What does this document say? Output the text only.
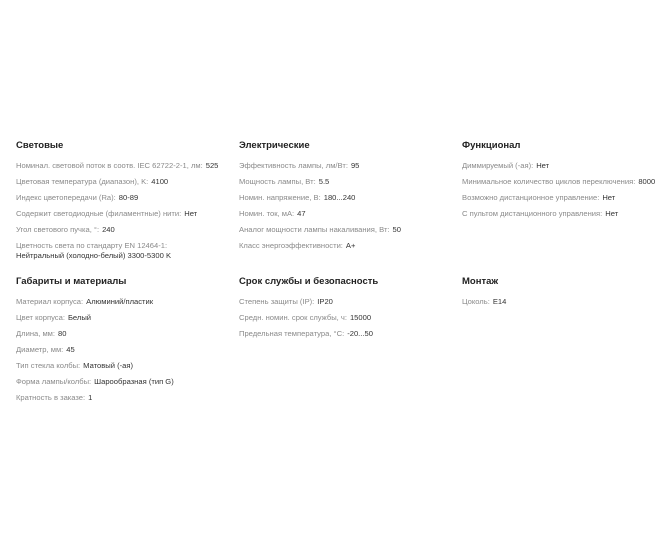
Световые
Номинал. световой поток в соотв. IEC 62722-2-1, лм: 525
Цветовая температура (диапазон), K: 4100
Индекс цветопередачи (Ra): 80-89
Содержит светодиодные (филаментные) нити: Нет
Угол светового пучка, °: 240
Цветность света по стандарту EN 12464-1:
Нейтральный (холодно-белый) 3300-5300 K
Габариты и материалы
Материал корпуса: Алюминий/пластик
Цвет корпуса: Белый
Длина, мм: 80
Диаметр, мм: 45
Тип стекла колбы: Матовый (-ая)
Форма лампы/колбы: Шарообразная (тип G)
Кратность в заказе: 1
Электрические
Эффективность лампы, лм/Вт: 95
Мощность лампы, Вт: 5.5
Номин. напряжение, В: 180...240
Номин. ток, мА: 47
Аналог мощности лампы накаливания, Вт: 50
Класс энергоэффективности: A+
Срок службы и безопасность
Степень защиты (IP): IP20
Средн. номин. срок службы, ч: 15000
Предельная температура, °C: -20...50
Функционал
Диммируемый (-ая): Нет
Минимальное количество циклов переключения: 8000
Возможно дистанционное управление: Нет
С пультом дистанционного управления: Нет
Монтаж
Цоколь: E14
